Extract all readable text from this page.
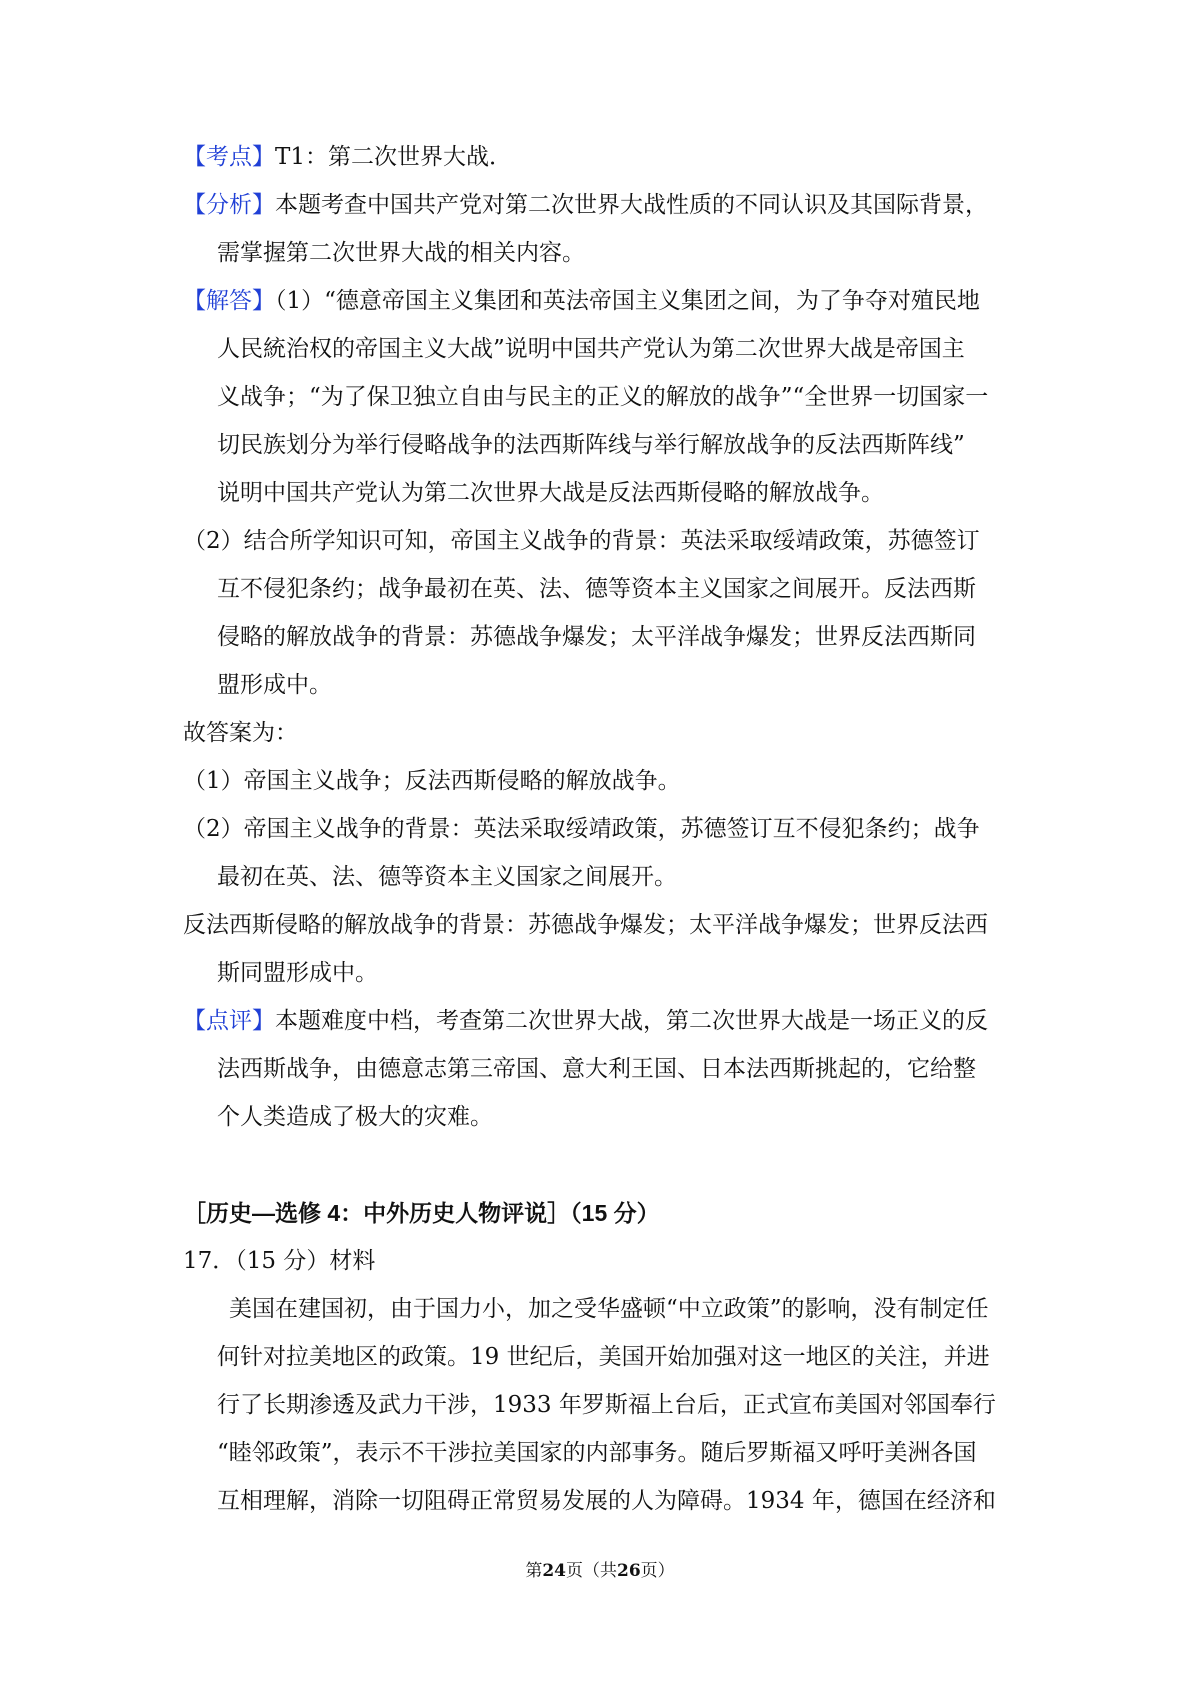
【考点】T1：第二次世界大战．

【分析】本题考查中国共产党对第二次世界大战性质的不同认识及其国际背景，
需掌握第二次世界大战的相关内容。

【解答】（1）“德意帝国主义集团和英法帝国主义集团之间，为了争夺对殖民地
人民統治权的帝国主义大战”说明中国共产党认为第二次世界大战是帝国主
义战争；“为了保卫独立自由与民主的正义的解放的战争”“全世界一切国家一
切民族划分为举行侵略战争的法西斯阵线与举行解放战争的反法西斯阵线”
说明中国共产党认为第二次世界大战是反法西斯侵略的解放战争。

（2）结合所学知识可知，帝国主义战争的背景：英法采取绥靖政策，苏德签订
互不侵犯条约；战争最初在英、法、德等资本主义国家之间展开。反法西斯
侵略的解放战争的背景：苏德战争爆发；太平洋战争爆发；世界反法西斯同
盟形成中。

故答案为：

（1）帝国主义战争；反法西斯侵略的解放战争。

（2）帝国主义战争的背景：英法采取绥靖政策，苏德签订互不侵犯条约；战争
最初在英、法、德等资本主义国家之间展开。

反法西斯侵略的解放战争的背景：苏德战争爆发；太平洋战争爆发；世界反法西
斯同盟形成中。

【点评】本题难度中档，考查第二次世界大战，第二次世界大战是一场正义的反
法西斯战争，由德意志第三帝国、意大利王国、日本法西斯挑起的，它给整
个人类造成了极大的灾难。

［历史—选修 4：中外历史人物评说］（15 分）

17．（15 分）材料

美国在建国初，由于国力小，加之受华盛顿“中立政策”的影响，没有制定任
何针对拉美地区的政策。19 世纪后，美国开始加强对这一地区的关注，并进
行了长期渗透及武力干涉，1933 年罗斯福上台后，正式宣布美国对邻国奉行
“睦邻政策”，表示不干涉拉美国家的内部事务。随后罗斯福又呼吁美洲各国
互相理解，消除一切阻碍正常贸易发展的人为障碍。1934 年，德国在经济和

第24页（共26页）
